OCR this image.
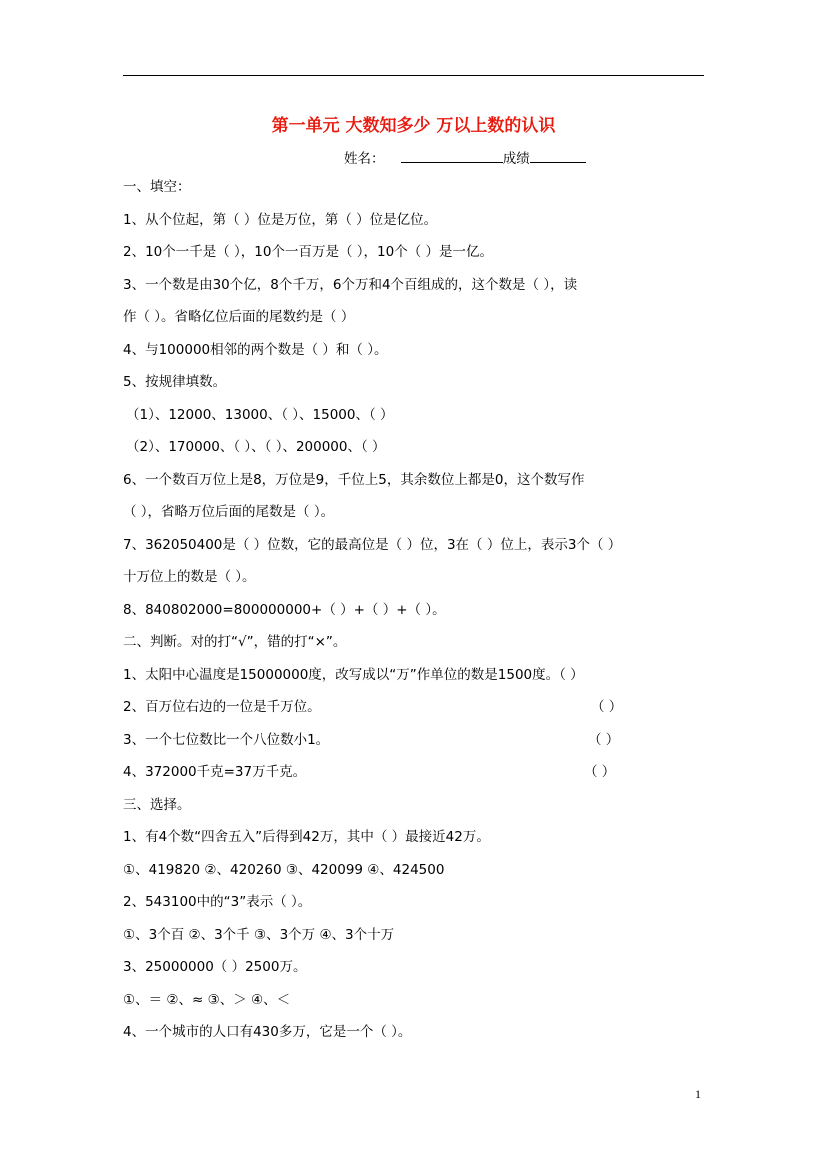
第一单元 大数知多少 万以上数的认识
姓名：	成绩
一、填空：
1、从个位起，第（ ）位是万位，第（ ）位是亿位。
2、10个一千是（ ），10个一百万是（ ），10个（ ）是一亿。
3、一个数是由30个亿，8个千万，6个万和4个百组成的，这个数是（ ），读
作（ ）。省略亿位后面的尾数约是（ ）
4、与100000相邻的两个数是（ ）和（ ）。
5、按规律填数。
（1）、12000、13000、（ ）、15000、（ ）
（2）、170000、（ ）、（ ）、200000、（ ）
6、一个数百万位上是8，万位是9，千位上5，其余数位上都是0，这个数写作
（ ），省略万位后面的尾数是（ ）。
7、362050400是（ ）位数，它的最高位是（ ）位，3在（ ）位上，表示3个（ ）
十万位上的数是（ ）。
8、840802000=800000000+（ ）+（ ）+（ ）。
二、判断。对的打“√”，错的打“×”。
1、太阳中心温度是15000000度，改写成以“万”作单位的数是1500度。（ ）
2、百万位右边的一位是千万位。	（ ）
3、一个七位数比一个八位数小1。	（ ）
4、372000千克=37万千克。	（ ）
三、选择。
1、有4个数“四舍五入”后得到42万，其中（ ）最接近42万。
①、419820 ②、420260 ③、420099 ④、424500
2、543100中的“3”表示（ ）。
①、3个百 ②、3个千 ③、3个万 ④、3个十万
3、25000000（ ）2500万。
①、＝ ②、≈ ③、＞ ④、＜
4、一个城市的人口有430多万，它是一个（ ）。
1
